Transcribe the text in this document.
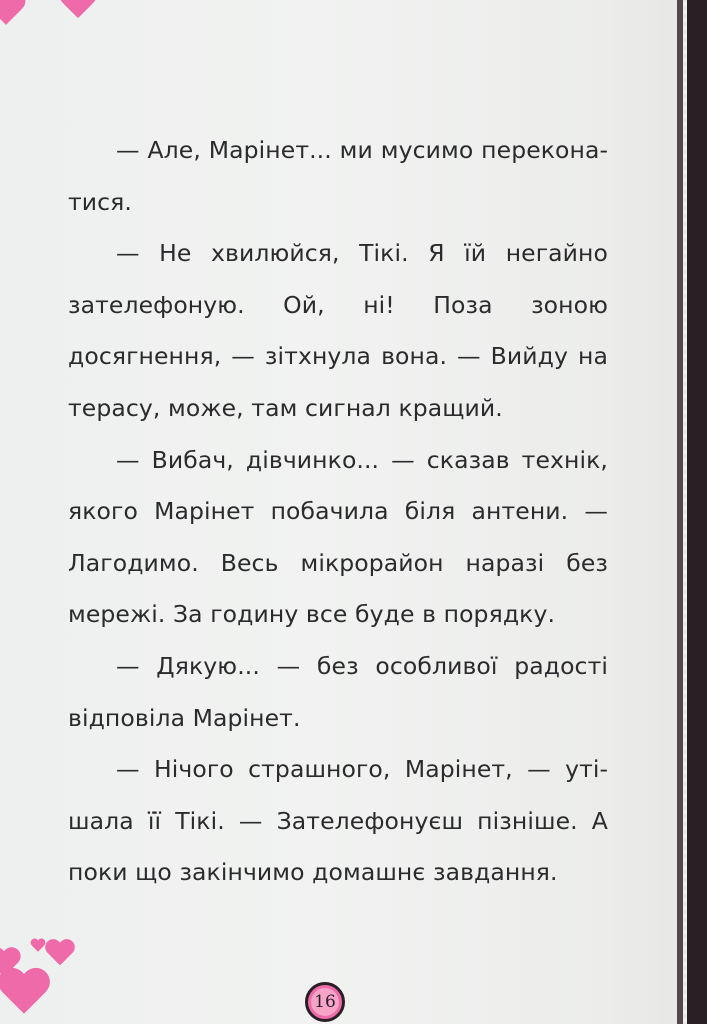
— Але, Марінет... ми мусимо переконатися.

— Не хвилюйся, Тікі. Я їй негайно зателефоную. Ой, ні! Поза зоною досягнення, — зітхнула вона. — Вийду на терасу, може, там сигнал кращий.

— Вибач, дівчинко... — сказав технік, якого Марінет побачила біля антени. — Лагодимо. Весь мікрорайон наразі без мережі. За годину все буде в порядку.

— Дякую... — без особливої радості відповіла Марінет.

— Нічого страшного, Марінет, — утішала її Тікі. — Зателефонуєш пізніше. А поки що закінчимо домашнє завдання.

16
